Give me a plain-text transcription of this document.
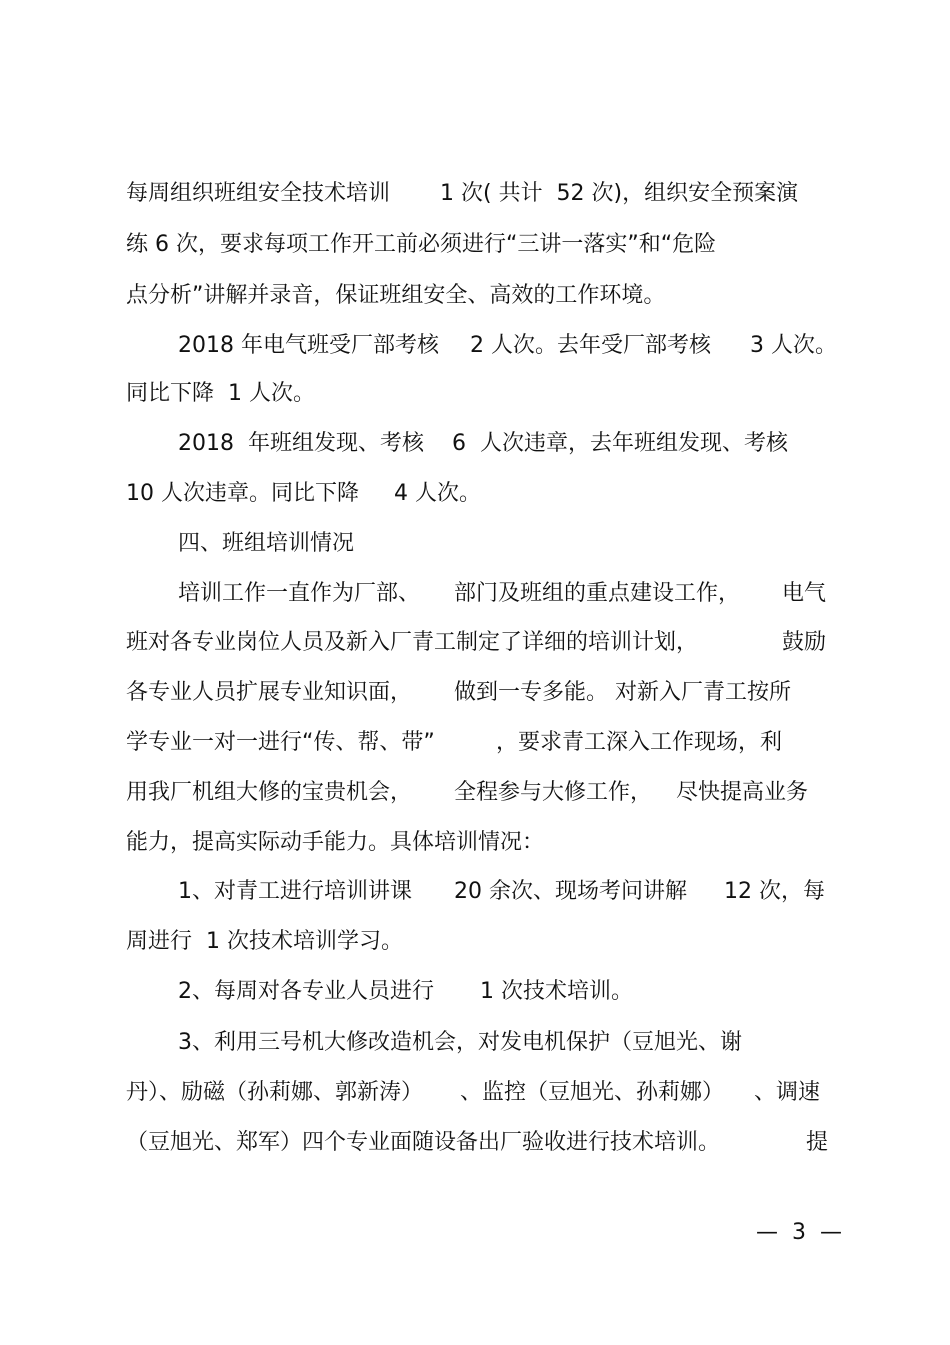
每周组织班组安全技术培训

1 次( 共计  52 次)，组织安全预案演

练 6 次，要求每项工作开工前必须进行“三讲一落实”和“危险

点分析”讲解并录音，保证班组安全、高效的工作环境。

2018 年电气班受厂部考核

2 人次。去年受厂部考核

3 人次。

同比下降  1 人次。

2018  年班组发现、考核

6  人次违章，去年班组发现、考核

10 人次违章。同比下降

4 人次。

四、班组培训情况

培训工作一直作为厂部、

部门及班组的重点建设工作，

电气

班对各专业岗位人员及新入厂青工制定了详细的培训计划，

	鼓励

各专业人员扩展专业知识面，

做到一专多能。 对新入厂青工按所

学专业一对一进行“传、帮、带”

	，要求青工深入工作现场，利

用我厂机组大修的宝贵机会，

全程参与大修工作，

尽快提高业务

能力，提高实际动手能力。具体培训情况：

1、对青工进行培训讲课

20 余次、现场考问讲解

12 次，每

周进行  1 次技术培训学习。

2、每周对各专业人员进行

1 次技术培训。

3、利用三号机大修改造机会，对发电机保护（豆旭光、谢

丹）、励磁（孙莉娜、郭新涛）

、监控（豆旭光、孙莉娜）

、调速

（豆旭光、郑军）四个专业面随设备出厂验收进行技术培训。

	提

—  3  —
